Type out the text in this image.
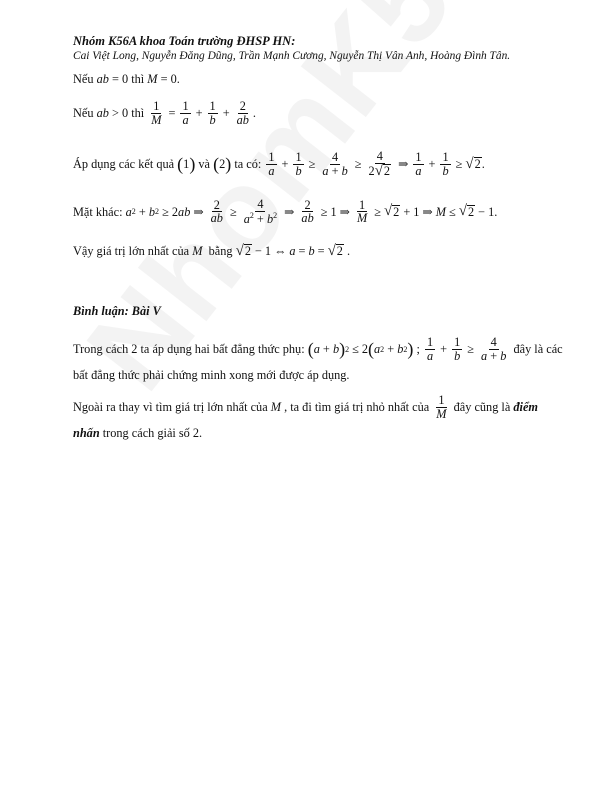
Nhóm K56A khoa Toán trường ĐHSP HN:
Cai Việt Long, Nguyễn Đăng Dũng, Trần Mạnh Cương, Nguyễn Thị Vân Anh, Hoàng Đình Tân.
Nếu
ab = 0 thì
M = 0.
Nếu
ab > 0 thì
$\frac{1}{M} = \frac{1}{a} + \frac{1}{b} + \frac{2}{ab}$ .
Áp dụng các kết quả
( 1 )
và
( 2 )
ta có:
$\frac{1}{a} + \frac{1}{b} \ge \frac{4}{a + b} \ge \frac{4}{2 √ 2}$ ⇒ $\frac{1}{a} + \frac{1}{b}$ ≥ √ 2 .
Mặt khác:
a 2 + b 2 ≥ 2 ab ⇒ $\frac{2}{ab} \ge \frac{4}{a^2 + b^2}$ ⇒ $\frac{2}{ab} \ge 1$ ⇒ $\frac{1}{M}$ ≥ √ 2 + 1 ⇒ M ≤ √ 2 − 1.
Vậy giá trị lớn nhất của
M
bằng
√ 2 − 1 ⇔ a = b = √ 2 .
Bình luận: Bài V
Trong cách 2 ta áp dụng hai bất đẳng thức phụ:
( a + b ) 2 ≤ 2 ( a 2 + b 2 ) ; $\frac{1}{a} + \frac{1}{b} \ge \frac{4}{a + b}$
đây là các
bất đẳng thức phải chứng minh xong mới được áp dụng.
Ngoài ra thay vì tìm giá trị lớn nhất của
M
, ta đi tìm giá trị nhỏ nhất của
$\frac{1}{M}$
đây cũng là
điểm
nhấn
trong cách giải số 2.
